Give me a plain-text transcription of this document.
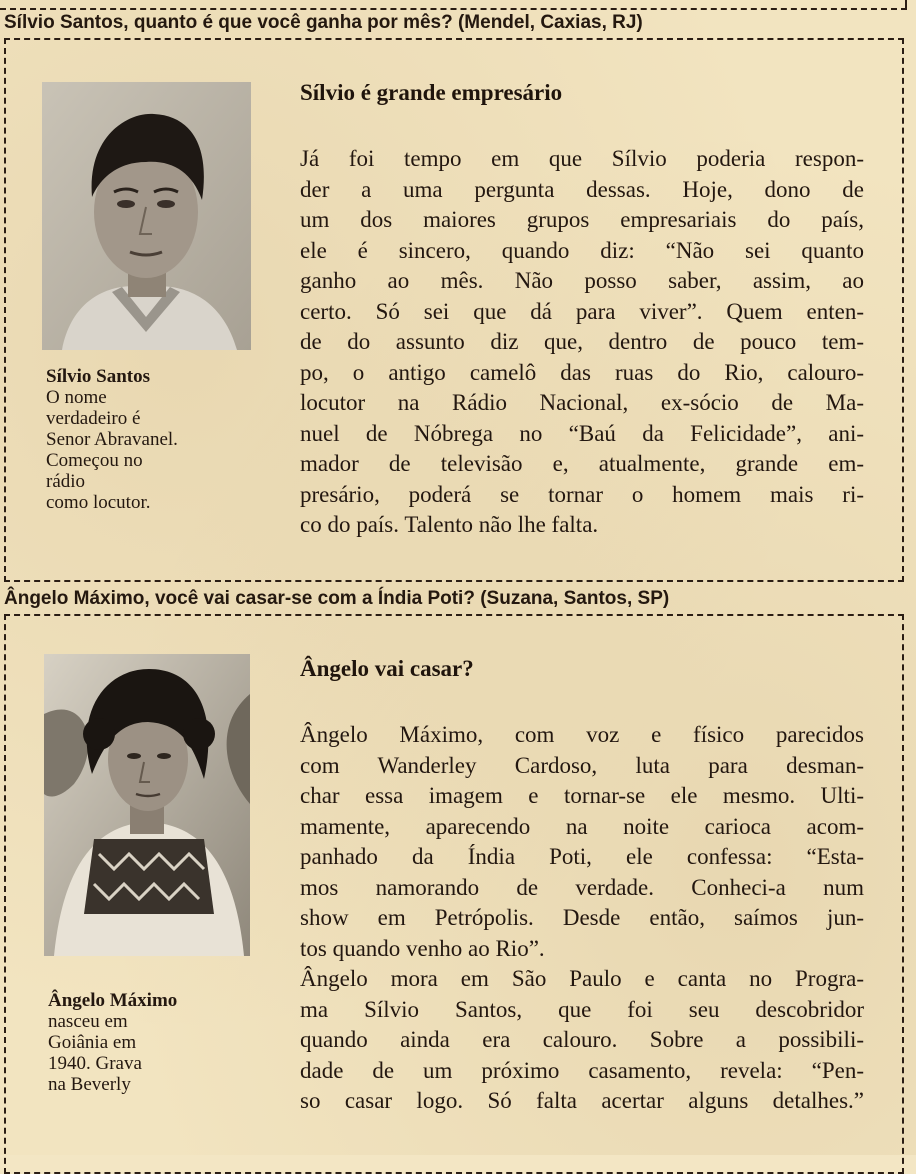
Sílvio Santos, quanto é que você ganha por mês? (Mendel, Caxias, RJ)
Sílvio Santos
O nome
verdadeiro é
Senor Abravanel.
Começou no
rádio
como locutor.
Sílvio é grande empresário
Já foi tempo em que Sílvio poderia respon-
der a uma pergunta dessas. Hoje, dono de
um dos maiores grupos empresariais do país,
ele é sincero, quando diz: “Não sei quanto
ganho ao mês. Não posso saber, assim, ao
certo. Só sei que dá para viver”. Quem enten-
de do assunto diz que, dentro de pouco tem-
po, o antigo camelô das ruas do Rio, calouro-
locutor na Rádio Nacional, ex-sócio de Ma-
nuel de Nóbrega no “Baú da Felicidade”, ani-
mador de televisão e, atualmente, grande em-
presário, poderá se tornar o homem mais ri-
co do país. Talento não lhe falta.
Ângelo Máximo, você vai casar-se com a Índia Poti? (Suzana, Santos, SP)
Ângelo Máximo
nasceu em
Goiânia em
1940. Grava
na Beverly
Ângelo vai casar?
Ângelo Máximo, com voz e físico parecidos
com Wanderley Cardoso, luta para desman-
char essa imagem e tornar-se ele mesmo. Ulti-
mamente, aparecendo na noite carioca acom-
panhado da Índia Poti, ele confessa: “Esta-
mos namorando de verdade. Conheci-a num
show em Petrópolis. Desde então, saímos jun-
tos quando venho ao Rio”.
Ângelo mora em São Paulo e canta no Progra-
ma Sílvio Santos, que foi seu descobridor
quando ainda era calouro. Sobre a possibili-
dade de um próximo casamento, revela: “Pen-
so casar logo. Só falta acertar alguns detalhes.”
